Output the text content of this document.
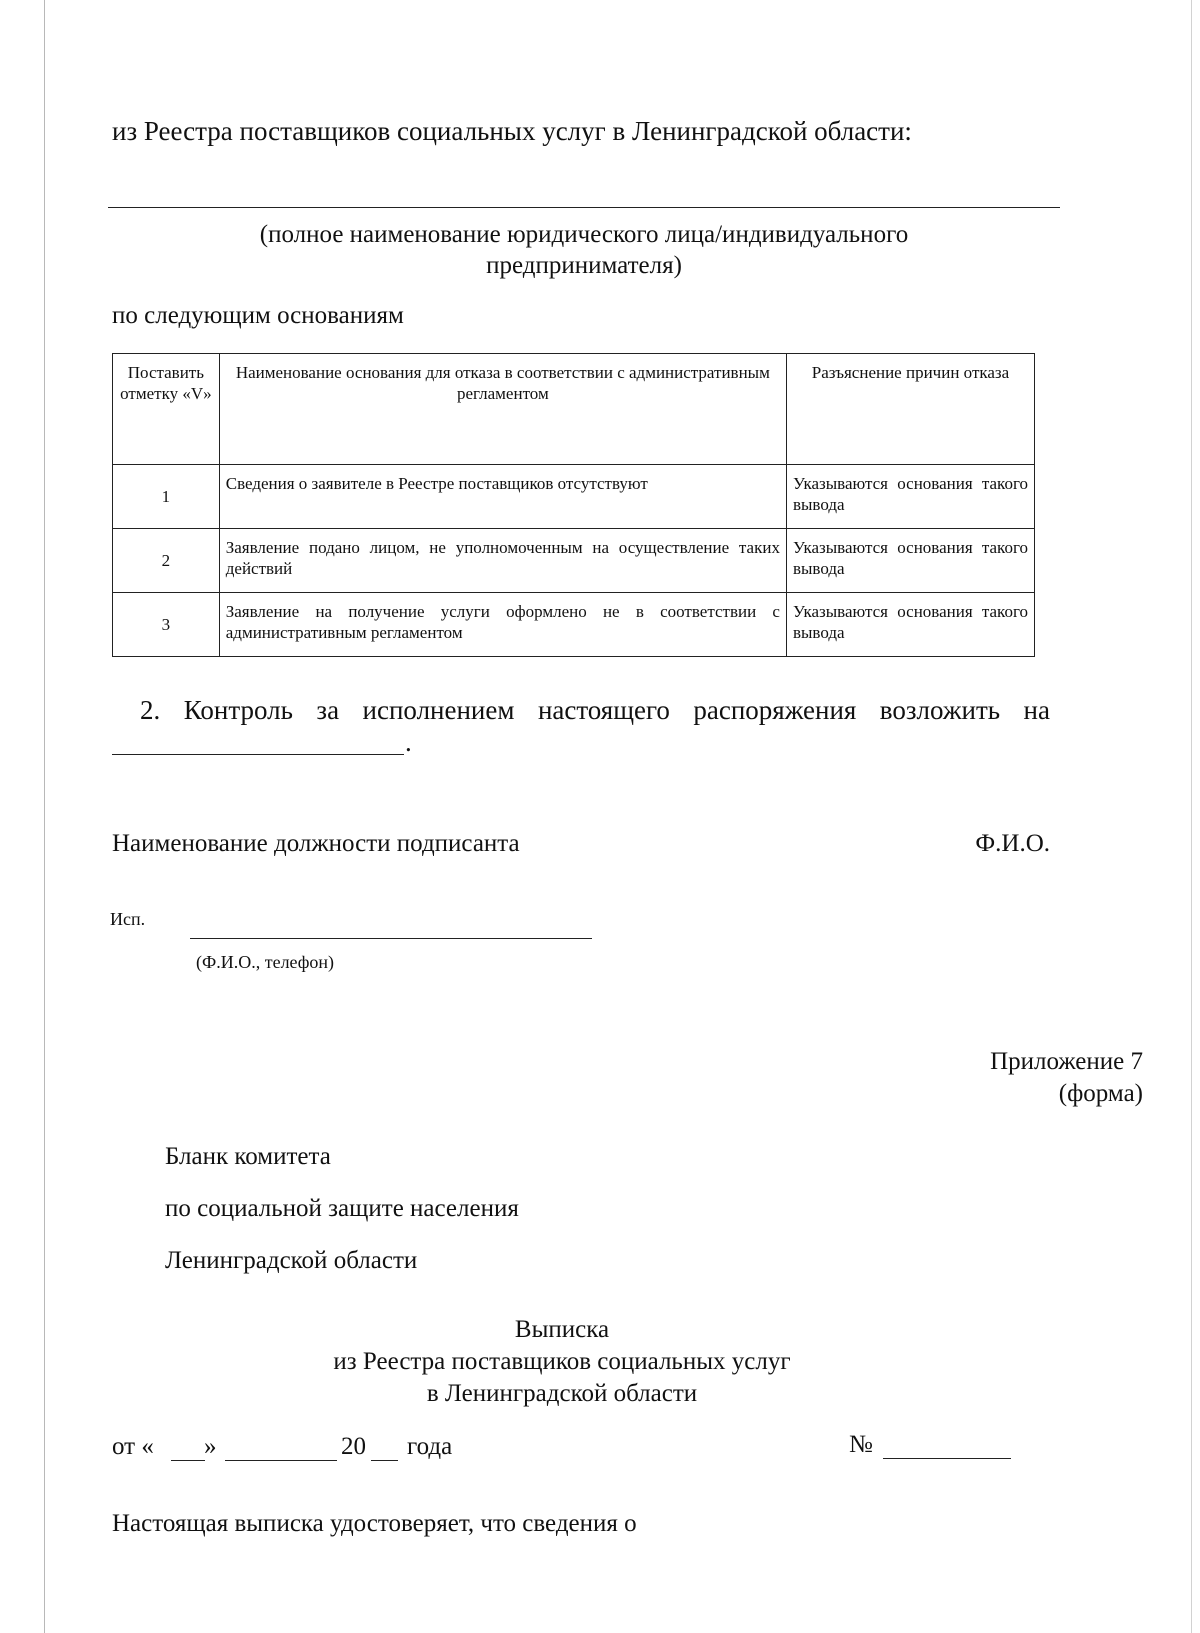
из Реестра поставщиков социальных услуг в Ленинградской области:
(полное наименование юридического лица/индивидуального
предпринимателя)
по следующим основаниям
Поставить отметку «V»	Наименование основания для отказа в соответствии с административным регламентом	Разъяснение причин отказа
1	Сведения о заявителе в Реестре поставщиков отсутствуют	Указываются основания такого вывода
2	Заявление подано лицом, не уполномоченным на осуществление таких действий	Указываются основания такого вывода
3	Заявление на получение услуги оформлено не в соответствии с административным регламентом	Указываются основания такого вывода
2. Контроль за исполнением настоящего распоряжения возложить на
.
Наименование должности подписанта	Ф.И.О.
Исп.
(Ф.И.О., телефон)
Приложение 7
(форма)
Бланк комитета
по социальной защите населения
Ленинградской области
Выписка
из Реестра поставщиков социальных услуг
в Ленинградской области
от «	»	20	года	№
Настоящая выписка удостоверяет, что сведения о
